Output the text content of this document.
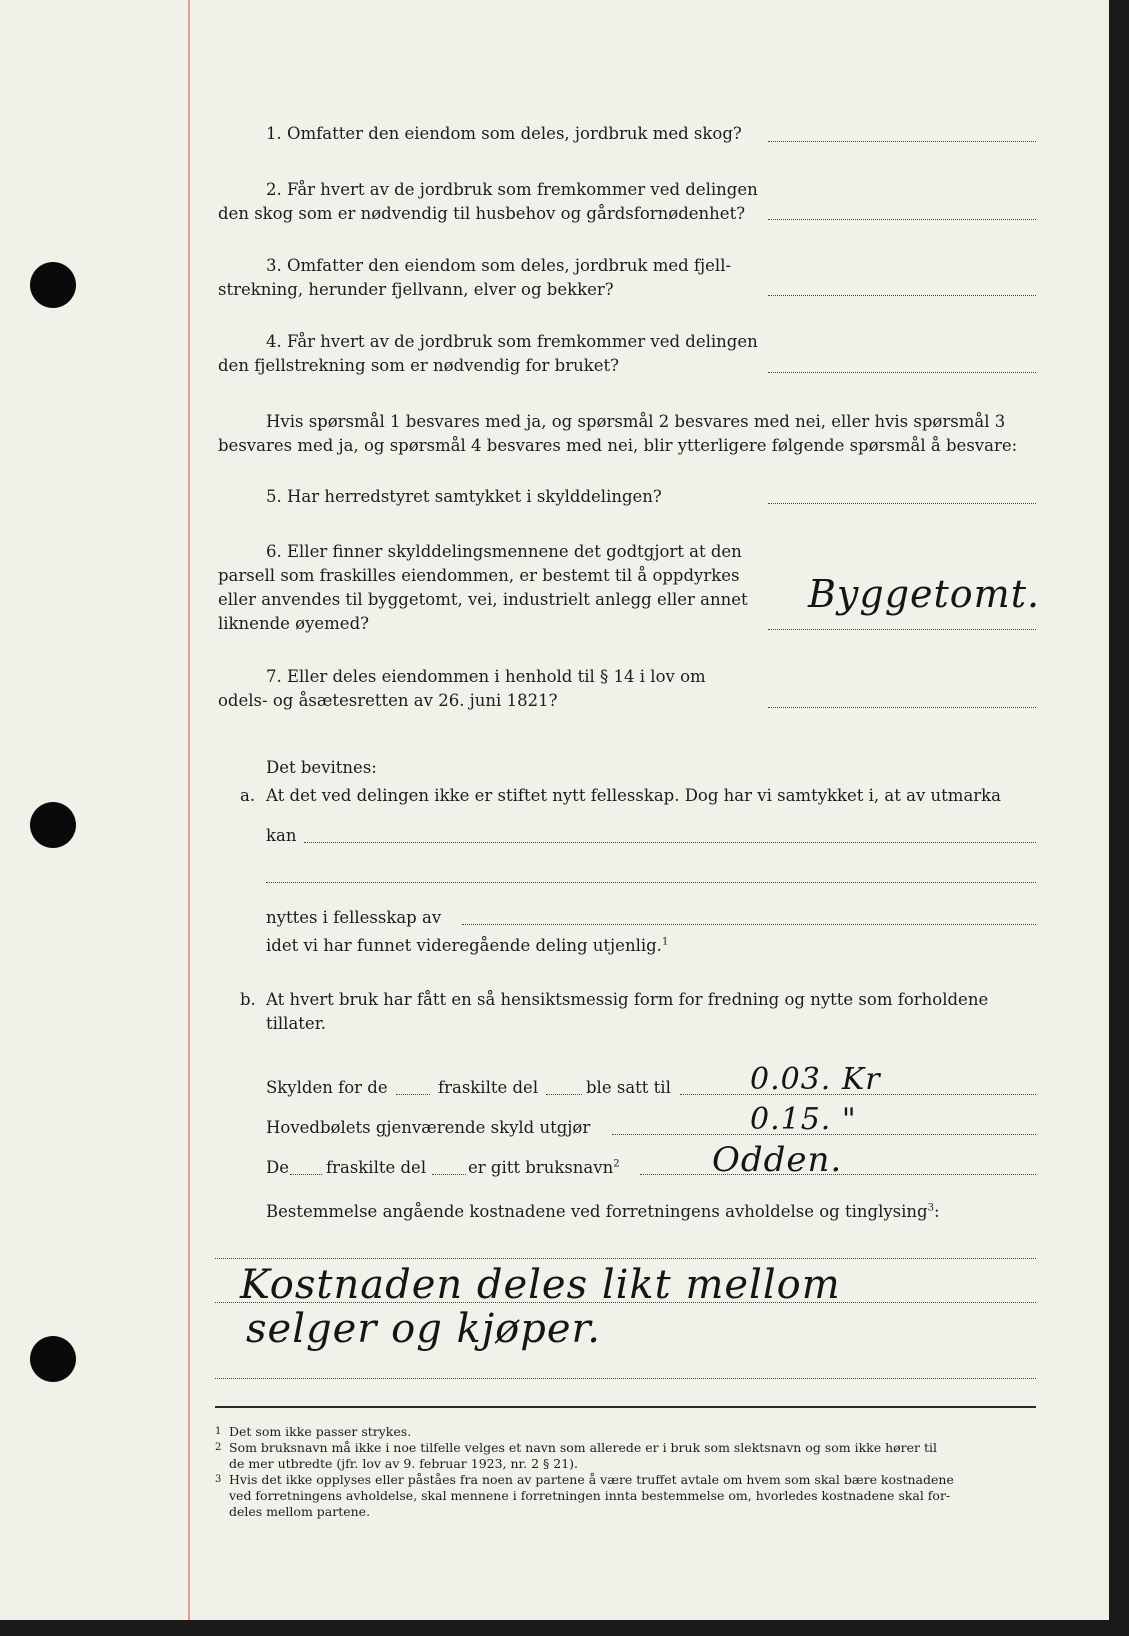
1. Omfatter den eiendom som deles, jordbruk med skog?
2. Får hvert av de jordbruk som fremkommer ved delingen
den skog som er nødvendig til husbehov og gårdsfornødenhet?
3. Omfatter den eiendom som deles, jordbruk med fjell-
strekning, herunder fjellvann, elver og bekker?
4. Får hvert av de jordbruk som fremkommer ved delingen
den fjellstrekning som er nødvendig for bruket?
Hvis spørsmål 1 besvares med ja, og spørsmål 2 besvares med nei, eller hvis spørsmål 3
besvares med ja, og spørsmål 4 besvares med nei, blir ytterligere følgende spørsmål å besvare:
5. Har herredstyret samtykket i skylddelingen?
6. Eller finner skylddelingsmennene det godtgjort at den
parsell som fraskilles eiendommen, er bestemt til å oppdyrkes
eller anvendes til byggetomt, vei, industrielt anlegg eller annet
liknende øyemed?
Byggetomt.
7. Eller deles eiendommen i henhold til § 14 i lov om
odels- og åsætesretten av 26. juni 1821?
Det bevitnes:
a. At det ved delingen ikke er stiftet nytt fellesskap. Dog har vi samtykket i, at av utmarka
kan
nyttes i fellesskap av
idet vi har funnet videregående deling utjenlig.$^1$
b. At hvert bruk har fått en så hensiktsmessig form for fredning og nytte som forholdene
tillater.
Skylden for de	fraskilte del	ble satt til	0.03. Kr
Hovedbølets gjenværende skyld utgjør	0.15. "
De fraskilte del	er gitt bruksnavn$^2$	Odden.
Bestemmelse angående kostnadene ved forretningens avholdelse og tinglysing$^3$:
Kostnaden deles likt mellom
selger og kjøper.
1 Det som ikke passer strykes.
2 Som bruksnavn må ikke i noe tilfelle velges et navn som allerede er i bruk som slektsnavn og som ikke hører til
de mer utbredte (jfr. lov av 9. februar 1923, nr. 2 § 21).
3 Hvis det ikke opplyses eller påståes fra noen av partene å være truffet avtale om hvem som skal bære kostnadene
ved forretningens avholdelse, skal mennene i forretningen innta bestemmelse om, hvorledes kostnadene skal for-
deles mellom partene.
